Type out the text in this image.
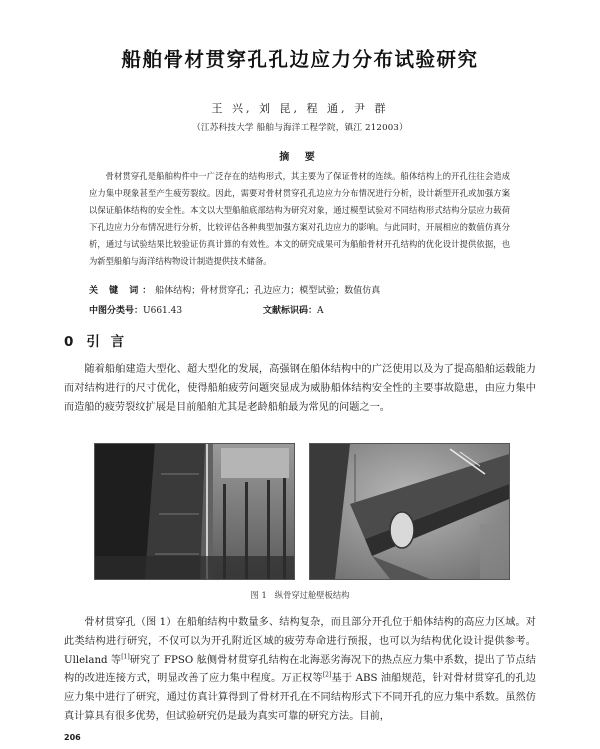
船舶骨材贯穿孔孔边应力分布试验研究
王 兴, 刘 昆, 程 通, 尹 群
（江苏科技大学 船舶与海洋工程学院，镇江 212003）
摘 要

骨材贯穿孔是船舶构件中一广泛存在的结构形式，其主要为了保证骨材的连续。船体结构上的开孔往往会造成应力集中现象甚至产生疲劳裂纹。因此，需要对骨材贯穿孔孔边应力分布情况进行分析，设计新型开孔或加强方案以保证船体结构的安全性。本文以大型船舶底部结构为研究对象，通过模型试验对不同结构形式结构分层应力载荷下孔边应力分布情况进行分析，比较评估各种典型加强方案对孔边应力的影响。与此同时，开展相应的数值仿真分析，通过与试验结果比较验证仿真计算的有效性。本文的研究成果可为船舶骨材开孔结构的优化设计提供依据，也为新型船舶与海洋结构物设计制造提供技术储备。

关 键 词：船体结构；骨材贯穿孔；孔边应力；模型试验；数值仿真
中图分类号：U661.43	文献标识码：A
0 引 言

随着船舶建造大型化、超大型化的发展，高强钢在船体结构中的广泛使用以及为了提高船舶运载能力而对结构进行的尺寸优化，使得船舶疲劳问题突显成为威胁船体结构安全性的主要事故隐患，由应力集中而造船的疲劳裂纹扩展是目前船舶尤其是老龄船舶最为常见的问题之一。

图 1 纵骨穿过舱壁板结构

骨材贯穿孔（图 1）在船舶结构中数量多、结构复杂，而且部分开孔位于船体结构的高应力区域。对此类结构进行研究，不仅可以为开孔附近区域的疲劳寿命进行预报，也可以为结构优化设计提供参考。Ulleland 等[1]研究了 FPSO 舷侧骨材贯穿孔结构在北海恶劣海况下的热点应力集中系数，提出了节点结构的改进连接方式，明显改善了应力集中程度。万正权等[2]基于 ABS 油船规范，针对骨材贯穿孔的孔边应力集中进行了研究，通过仿真计算得到了骨材开孔在不同结构形式下不同开孔的应力集中系数。虽然仿真计算具有很多优势，但试验研究仍是最为真实可靠的研究方法。目前，

206
